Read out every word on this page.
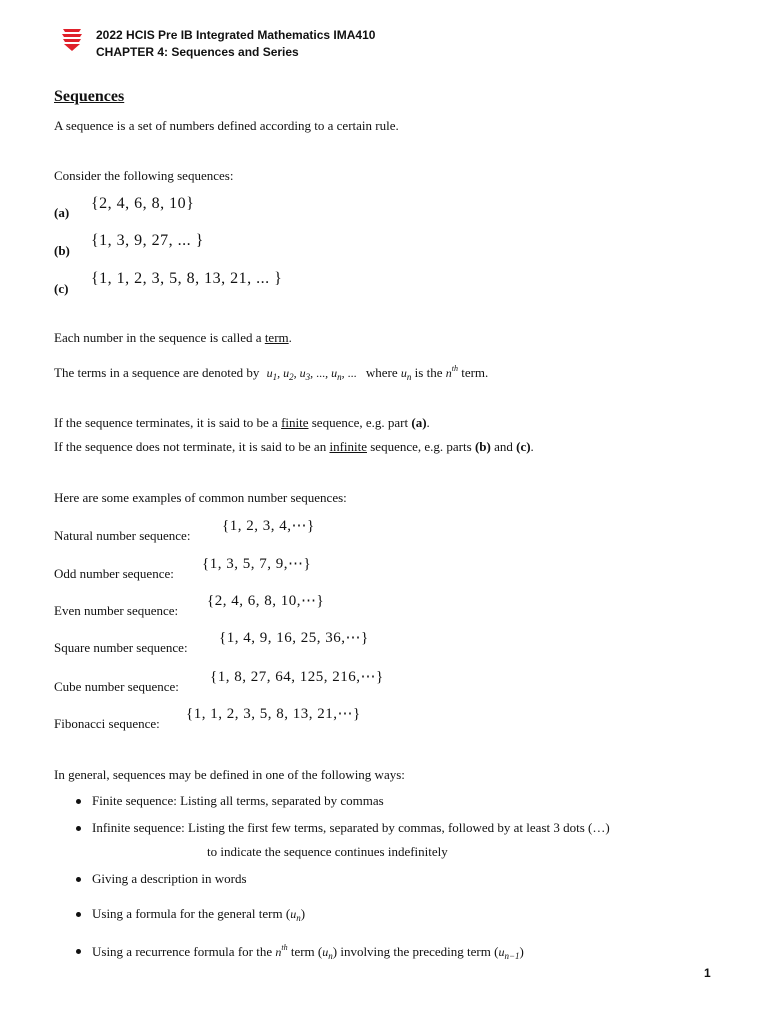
2022 HCIS Pre IB Integrated Mathematics IMA410
CHAPTER 4: Sequences and Series
Sequences
A sequence is a set of numbers defined according to a certain rule.
Consider the following sequences:
(a)
{2, 4, 6, 8, 10}
(b)
{1, 3, 9, 27, ... }
(c)
{1, 1, 2, 3, 5, 8, 13, 21, ... }
Each number in the sequence is called a term.
The terms in a sequence are denoted by $u_1$, $u_2$, $u_3$, ..., $u_n$, ... where $u_n$ is the $n^{th}$ term.
If the sequence terminates, it is said to be a finite sequence, e.g. part (a).
If the sequence does not terminate, it is said to be an infinite sequence, e.g. parts (b) and (c).
Here are some examples of common number sequences:
Natural number sequence:
{1, 2, 3, 4,⋯}
Odd number sequence:
{1, 3, 5, 7, 9,⋯}
Even number sequence:
{2, 4, 6, 8, 10,⋯}
Square number sequence:
{1, 4, 9, 16, 25, 36,⋯}
Cube number sequence:
{1, 8, 27, 64, 125, 216,⋯}
Fibonacci sequence:
{1, 1, 2, 3, 5, 8, 13, 21,⋯}
In general, sequences may be defined in one of the following ways:
Finite sequence: Listing all terms, separated by commas
Infinite sequence: Listing the first few terms, separated by commas, followed by at least 3 dots (…)
to indicate the sequence continues indefinitely
Giving a description in words
Using a formula for the general term $(u_n)$
Using a recurrence formula for the $n^{th}$ term $(u_n)$ involving the preceding term $(u_{n-1})$
1
